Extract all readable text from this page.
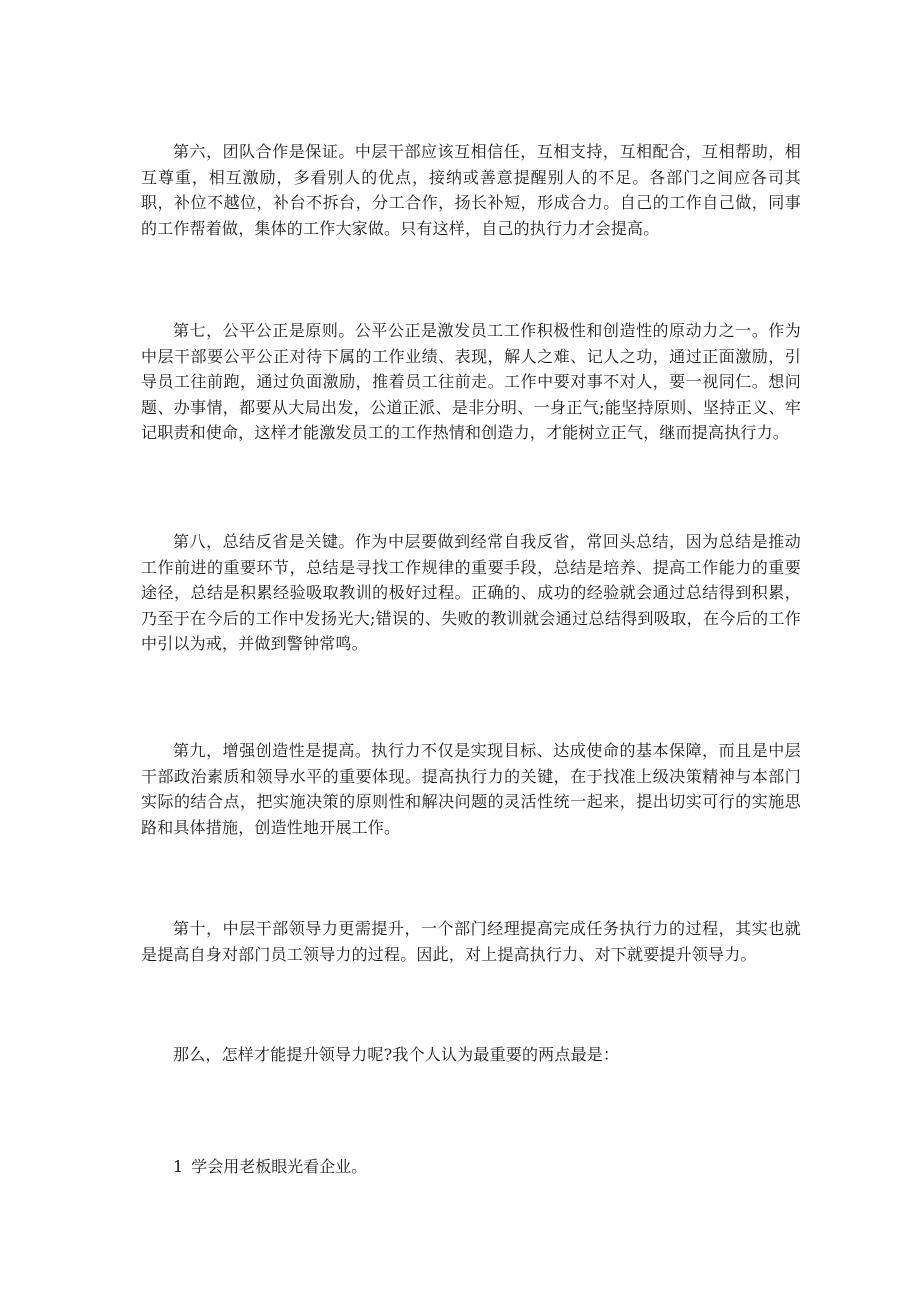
第六，团队合作是保证。中层干部应该互相信任，互相支持，互相配合，互相帮助，相互尊重，相互激励，多看别人的优点，接纳或善意提醒别人的不足。各部门之间应各司其职，补位不越位，补台不拆台，分工合作，扬长补短，形成合力。自己的工作自己做，同事的工作帮着做，集体的工作大家做。只有这样，自己的执行力才会提高。

第七，公平公正是原则。公平公正是激发员工工作积极性和创造性的原动力之一。作为中层干部要公平公正对待下属的工作业绩、表现，解人之难、记人之功，通过正面激励，引导员工往前跑，通过负面激励，推着员工往前走。工作中要对事不对人，要一视同仁。想问题、办事情，都要从大局出发，公道正派、是非分明、一身正气;能坚持原则、坚持正义、牢记职责和使命，这样才能激发员工的工作热情和创造力，才能树立正气，继而提高执行力。

第八，总结反省是关键。作为中层要做到经常自我反省，常回头总结，因为总结是推动工作前进的重要环节，总结是寻找工作规律的重要手段，总结是培养、提高工作能力的重要途径，总结是积累经验吸取教训的极好过程。正确的、成功的经验就会通过总结得到积累，乃至于在今后的工作中发扬光大;错误的、失败的教训就会通过总结得到吸取，在今后的工作中引以为戒，并做到警钟常鸣。

第九，增强创造性是提高。执行力不仅是实现目标、达成使命的基本保障，而且是中层干部政治素质和领导水平的重要体现。提高执行力的关键，在于找准上级决策精神与本部门实际的结合点，把实施决策的原则性和解决问题的灵活性统一起来，提出切实可行的实施思路和具体措施，创造性地开展工作。

第十，中层干部领导力更需提升，一个部门经理提高完成任务执行力的过程，其实也就是提高自身对部门员工领导力的过程。因此，对上提高执行力、对下就要提升领导力。

那么，怎样才能提升领导力呢?我个人认为最重要的两点最是：

1 学会用老板眼光看企业。
